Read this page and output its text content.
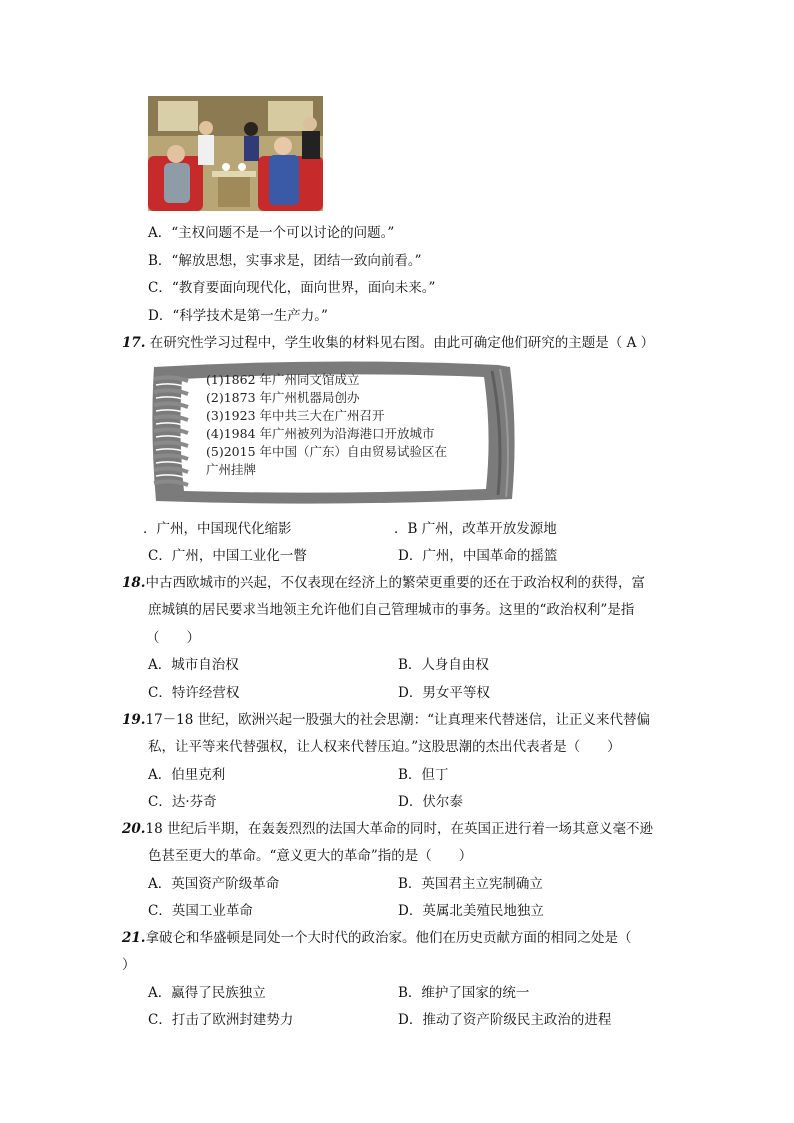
A．“主权问题不是一个可以讨论的问题。”
B．“解放思想，实事求是，团结一致向前看。”
C．“教育要面向现代化，面向世界，面向未来。”
D．“科学技术是第一生产力。”
17. 在研究性学习过程中，学生收集的材料见右图。由此可确定他们研究的主题是（ A ）
(1)1862 年广州同文馆成立
(2)1873 年广州机器局创办
(3)1923 年中共三大在广州召开
(4)1984 年广州被列为沿海港口开放城市
(5)2015 年中国（广东）自由贸易试验区在
广州挂牌
．广州，中国现代化缩影	．B 广州，改革开放发源地
C．广州，中国工业化一瞥	D．广州，中国革命的摇篮
18.中古西欧城市的兴起，不仅表现在经济上的繁荣更重要的还在于政治权利的获得，富
庶城镇的居民要求当地领主允许他们自己管理城市的事务。这里的“政治权利”是指
（　　）
A．城市自治权	B．人身自由权
C．特许经营权	D．男女平等权
19.17－18 世纪，欧洲兴起一股强大的社会思潮：“让真理来代替迷信，让正义来代替偏
私，让平等来代替强权，让人权来代替压迫。”这股思潮的杰出代表者是（　　）
A．伯里克利	B．但丁
C．达·芬奇	D．伏尔泰
20.18 世纪后半期，在轰轰烈烈的法国大革命的同时，在英国正进行着一场其意义毫不逊
色甚至更大的革命。“意义更大的革命”指的是（　　）
A．英国资产阶级革命	B．英国君主立宪制确立
C．英国工业革命	D．英属北美殖民地独立
21.拿破仑和华盛顿是同处一个大时代的政治家。他们在历史贡献方面的相同之处是（
）
A．赢得了民族独立	B．维护了国家的统一
C．打击了欧洲封建势力	D．推动了资产阶级民主政治的进程
